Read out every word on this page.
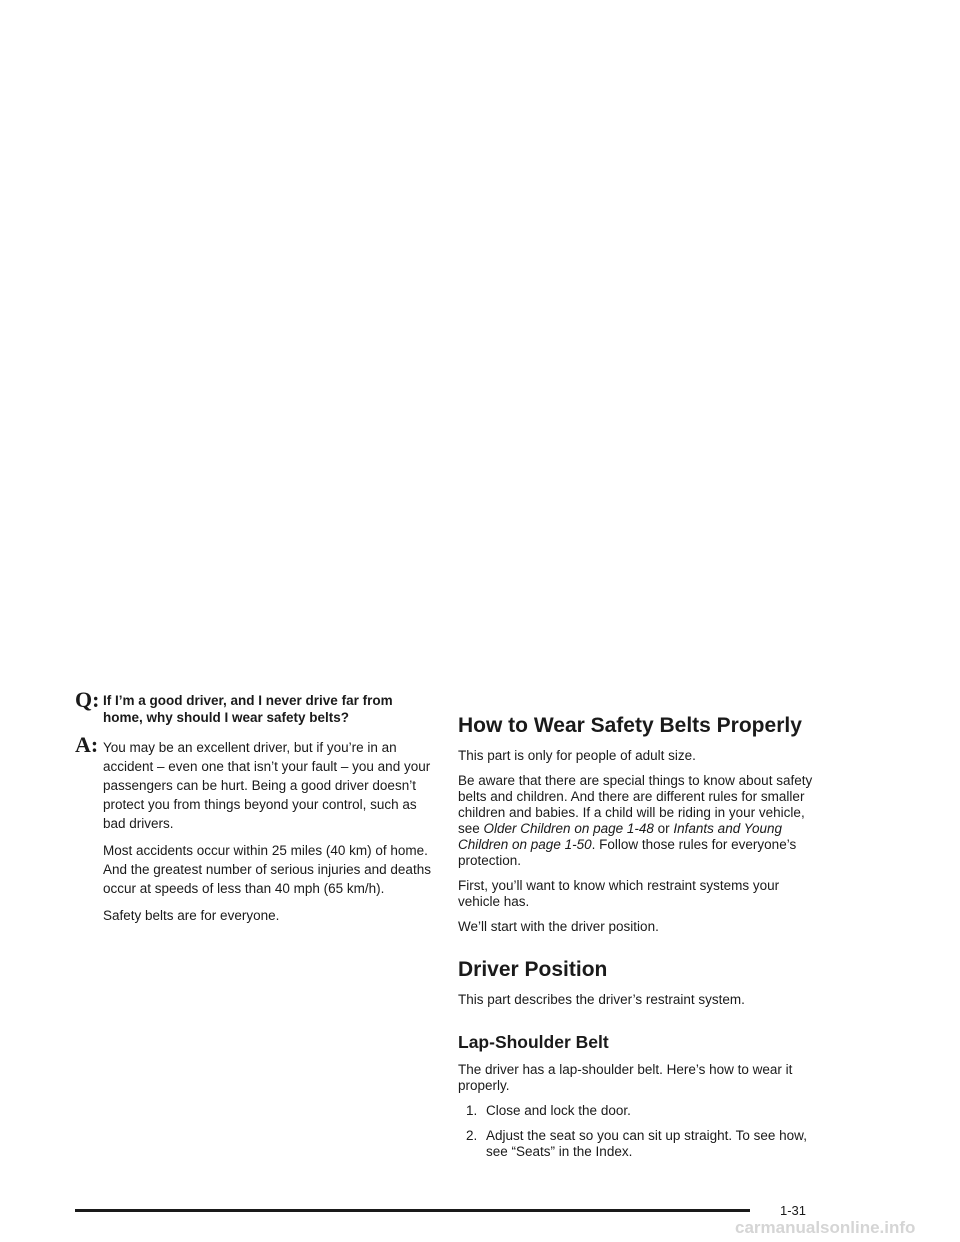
Q: If I’m a good driver, and I never drive far from home, why should I wear safety belts?

A: You may be an excellent driver, but if you’re in an accident – even one that isn’t your fault – you and your passengers can be hurt. Being a good driver doesn’t protect you from things beyond your control, such as bad drivers.

Most accidents occur within 25 miles (40 km) of home. And the greatest number of serious injuries and deaths occur at speeds of less than 40 mph (65 km/h).

Safety belts are for everyone.

How to Wear Safety Belts Properly

This part is only for people of adult size.

Be aware that there are special things to know about safety belts and children. And there are different rules for smaller children and babies. If a child will be riding in your vehicle, see Older Children on page 1-48 or Infants and Young Children on page 1-50. Follow those rules for everyone’s protection.

First, you’ll want to know which restraint systems your vehicle has.

We’ll start with the driver position.

Driver Position

This part describes the driver’s restraint system.

Lap-Shoulder Belt

The driver has a lap-shoulder belt. Here’s how to wear it properly.

1. Close and lock the door.
2. Adjust the seat so you can sit up straight. To see how, see “Seats” in the Index.
1-31
carmanualsonline.info
